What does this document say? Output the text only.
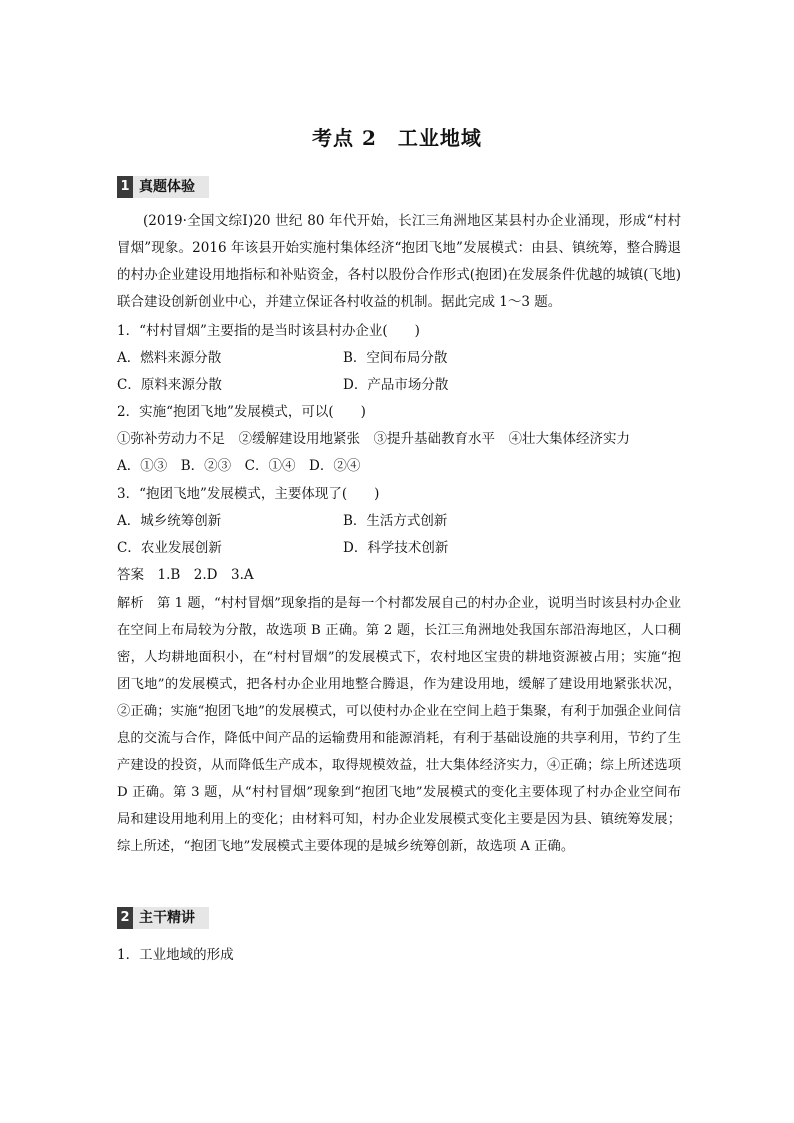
考点 2　工业地域
1 真题体验
(2019·全国文综Ⅰ)20 世纪 80 年代开始，长江三角洲地区某县村办企业涌现，形成“村村冒烟”现象。2016 年该县开始实施村集体经济“抱团飞地”发展模式：由县、镇统筹，整合腾退的村办企业建设用地指标和补贴资金，各村以股份合作形式(抱团)在发展条件优越的城镇(飞地)联合建设创新创业中心，并建立保证各村收益的机制。据此完成 1～3 题。
1．“村村冒烟”主要指的是当时该县村办企业(　　)
A．燃料来源分散	B．空间布局分散
C．原料来源分散	D．产品市场分散
2．实施“抱团飞地”发展模式，可以(　　)
①弥补劳动力不足　②缓解建设用地紧张　③提升基础教育水平　④壮大集体经济实力
A．①③　B．②③　C．①④　D．②④
3．“抱团飞地”发展模式，主要体现了(　　)
A．城乡统筹创新	B．生活方式创新
C．农业发展创新	D．科学技术创新
答案　1.B　2.D　3.A
解析　第 1 题，“村村冒烟”现象指的是每一个村都发展自己的村办企业，说明当时该县村办企业在空间上布局较为分散，故选项 B 正确。第 2 题，长江三角洲地处我国东部沿海地区，人口稠密，人均耕地面积小，在“村村冒烟”的发展模式下，农村地区宝贵的耕地资源被占用；实施“抱团飞地”的发展模式，把各村办企业用地整合腾退，作为建设用地，缓解了建设用地紧张状况，②正确；实施“抱团飞地”的发展模式，可以使村办企业在空间上趋于集聚，有利于加强企业间信息的交流与合作，降低中间产品的运输费用和能源消耗，有利于基础设施的共享利用，节约了生产建设的投资，从而降低生产成本，取得规模效益，壮大集体经济实力，④正确；综上所述选项 D 正确。第 3 题，从“村村冒烟”现象到“抱团飞地”发展模式的变化主要体现了村办企业空间布局和建设用地利用上的变化；由材料可知，村办企业发展模式变化主要是因为县、镇统筹发展；综上所述，“抱团飞地”发展模式主要体现的是城乡统筹创新，故选项 A 正确。
2 主干精讲
1．工业地域的形成
